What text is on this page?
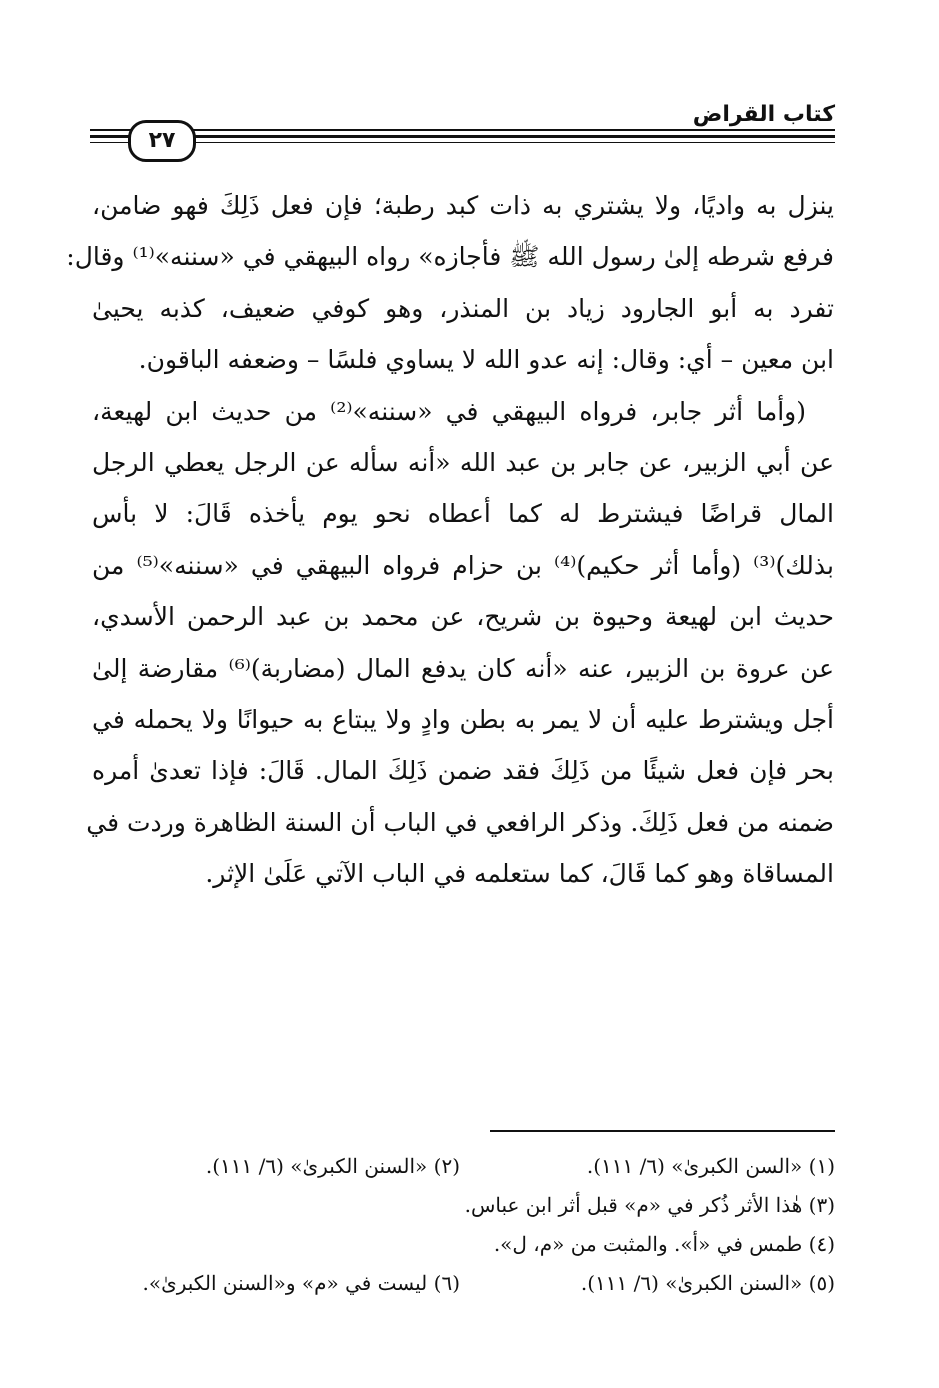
كتاب القراض
٢٧
ينزل به واديًا، ولا يشتري به ذات كبد رطبة؛ فإن فعل ذَلِكَ فهو ضامن،
فرفع شرطه إلىٰ رسول الله ﷺ فأجازه» رواه البيهقي في «سننه»⁽¹⁾ وقال:
تفرد به أبو الجارود زياد بن المنذر، وهو كوفي ضعيف، كذبه يحيىٰ
ابن معين – أي: وقال: إنه عدو الله لا يساوي فلسًا – وضعفه الباقون.
(وأما أثر جابر، فرواه البيهقي في «سننه»⁽²⁾ من حديث ابن لهيعة،
عن أبي الزبير، عن جابر بن عبد الله «أنه سأله عن الرجل يعطي الرجل
المال قراضًا فيشترط له كما أعطاه نحو يوم يأخذه قَالَ: لا بأس
بذلك)⁽³⁾ (وأما أثر حكيم)⁽⁴⁾ بن حزام فرواه البيهقي في «سننه»⁽⁵⁾ من
حديث ابن لهيعة وحيوة بن شريح، عن محمد بن عبد الرحمن الأسدي،
عن عروة بن الزبير، عنه «أنه كان يدفع المال (مضاربة)⁽⁶⁾ مقارضة إلىٰ
أجل ويشترط عليه أن لا يمر به بطن وادٍ ولا يبتاع به حيوانًا ولا يحمله في
بحر فإن فعل شيئًا من ذَلِكَ فقد ضمن ذَلِكَ المال. قَالَ: فإذا تعدىٰ أمره
ضمنه من فعل ذَلِكَ. وذكر الرافعي في الباب أن السنة الظاهرة وردت في
المساقاة وهو كما قَالَ، كما ستعلمه في الباب الآتي عَلَىٰ الإثر.
(١) «السن الكبرىٰ» (٦/ ١١١).
(٢) «السنن الكبرىٰ» (٦/ ١١١).
(٣) هٰذا الأثر ذُكر في «م» قبل أثر ابن عباس.
(٤) طمس في «أ». والمثبت من «م، ل».
(٥) «السنن الكبرىٰ» (٦/ ١١١).
(٦) ليست في «م» و«السنن الكبرىٰ».
